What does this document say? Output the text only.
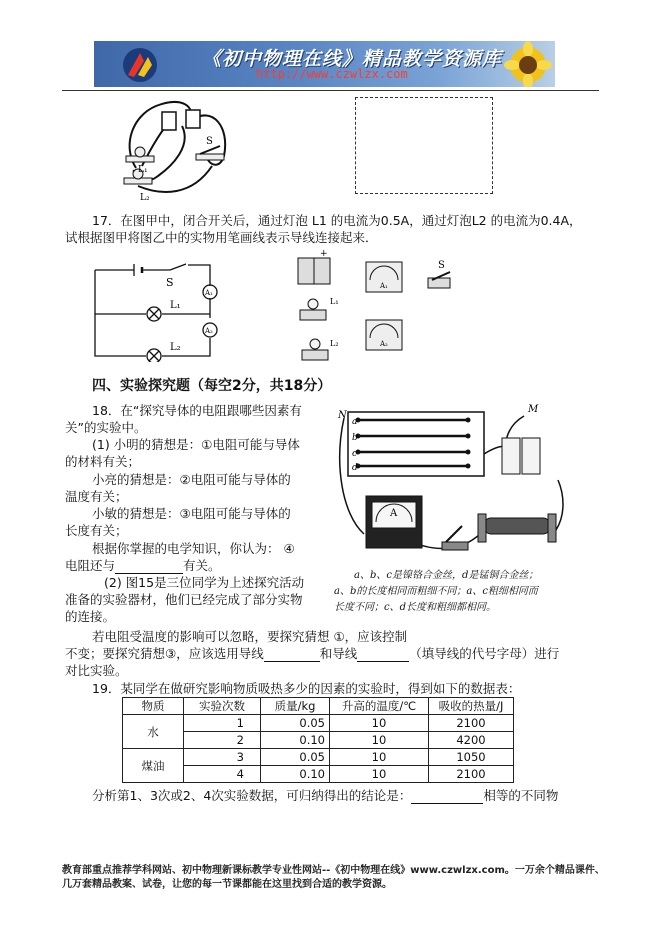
《初中物理在线》精品教学资源库
http://www.czwlzx.com
S
L₁
L₂
17．在图甲中，闭合开关后，通过灯泡 L1 的电流为0.5A，通过灯泡L2 的电流为0.4A，
试根据图甲将图乙中的实物用笔画线表示导线连接起来．
S
L₁
L₂
A₁
A₂
+
L₁
L₂
A₁
A₂
S
四、实验探究题（每空2分，共18分）
18．在“探究导体的电阻跟哪些因素有
关”的实验中。
(1) 小明的猜想是：①电阻可能与导体
的材料有关；
小亮的猜想是：②电阻可能与导体的
温度有关；
小敏的猜想是：③电阻可能与导体的
长度有关；
根据你掌握的电学知识，你认为： ④
电阻还与	有关。
(2) 图15是三位同学为上述探究活动
准备的实验器材，他们已经完成了部分实物
的连接。
若电阻受温度的影响可以忽略，要探究猜想 ①，应该控制
不变；要探究猜想③，应该选用导线	和导线	（填导线的代号字母）进行
对比实验。
a
b
c
d
N
M
A
a、b、c是镍铬合金丝，d是锰铜合金丝；
a、b的长度相同而粗细不同；a、c粗细相同而
长度不同；c、d长度和粗细都相同。
19．某同学在做研究影响物质吸热多少的因素的实验时，得到如下的数据表：
物质	实验次数	质量/kg	升高的温度/℃	吸收的热量/J
水	1	0.05	10	2100
	2	0.10	10	4200
煤油	3	0.05	10	1050
	4	0.10	10	2100
分析第1、3次或2、4次实验数据，可归纳得出的结论是：	相等的不同物
教育部重点推荐学科网站、初中物理新课标教学专业性网站--《初中物理在线》www.czwlzx.com。一万余个精品课件、
几万套精品教案、试卷，让您的每一节课都能在这里找到合适的教学资源。
